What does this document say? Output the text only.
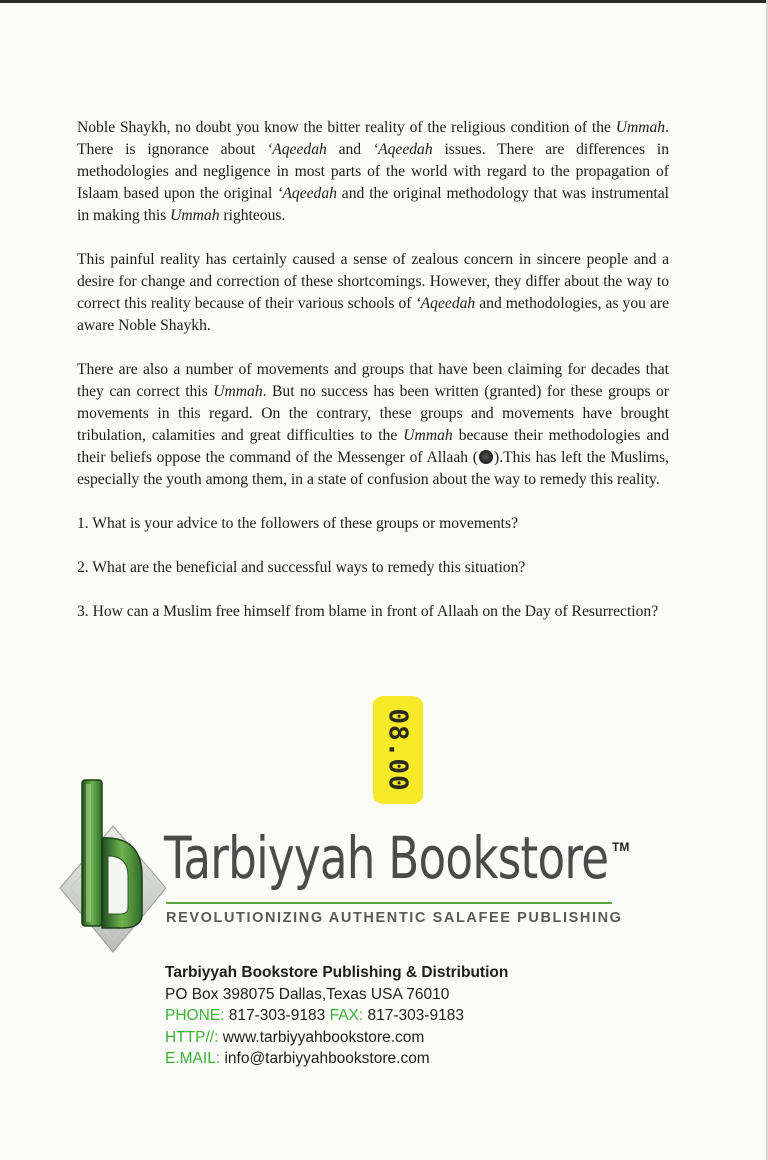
Noble Shaykh, no doubt you know the bitter reality of the religious condition of the Ummah. There is ignorance about ‘Aqeedah and ‘Aqeedah issues. There are differences in methodologies and negligence in most parts of the world with regard to the propagation of Islaam based upon the original ‘Aqeedah and the original methodology that was instrumental in making this Ummah righteous.

This painful reality has certainly caused a sense of zealous concern in sincere people and a desire for change and correction of these shortcomings. However, they differ about the way to correct this reality because of their various schools of ‘Aqeedah and methodologies, as you are aware Noble Shaykh.

There are also a number of movements and groups that have been claiming for decades that they can correct this Ummah. But no success has been written (granted) for these groups or movements in this regard. On the contrary, these groups and movements have brought tribulation, calamities and great difficulties to the Ummah because their methodologies and their beliefs oppose the command of the Messenger of Allaah ( ).This has left the Muslims, especially the youth among them, in a state of confusion about the way to remedy this reality.

1. What is your advice to the followers of these groups or movements?

2. What are the beneficial and successful ways to remedy this situation?

3. How can a Muslim free himself from blame in front of Allaah on the Day of Resurrection?

08.00
Tarbiyyah Bookstore TM
REVOLUTIONIZING AUTHENTIC SALAFEE PUBLISHING
Tarbiyyah Bookstore Publishing & Distribution
PO Box 398075 Dallas,Texas USA 76010
PHONE: 817-303-9183 FAX: 817-303-9183
HTTP//: www.tarbiyyahbookstore.com
E.MAIL: info@tarbiyyahbookstore.com
